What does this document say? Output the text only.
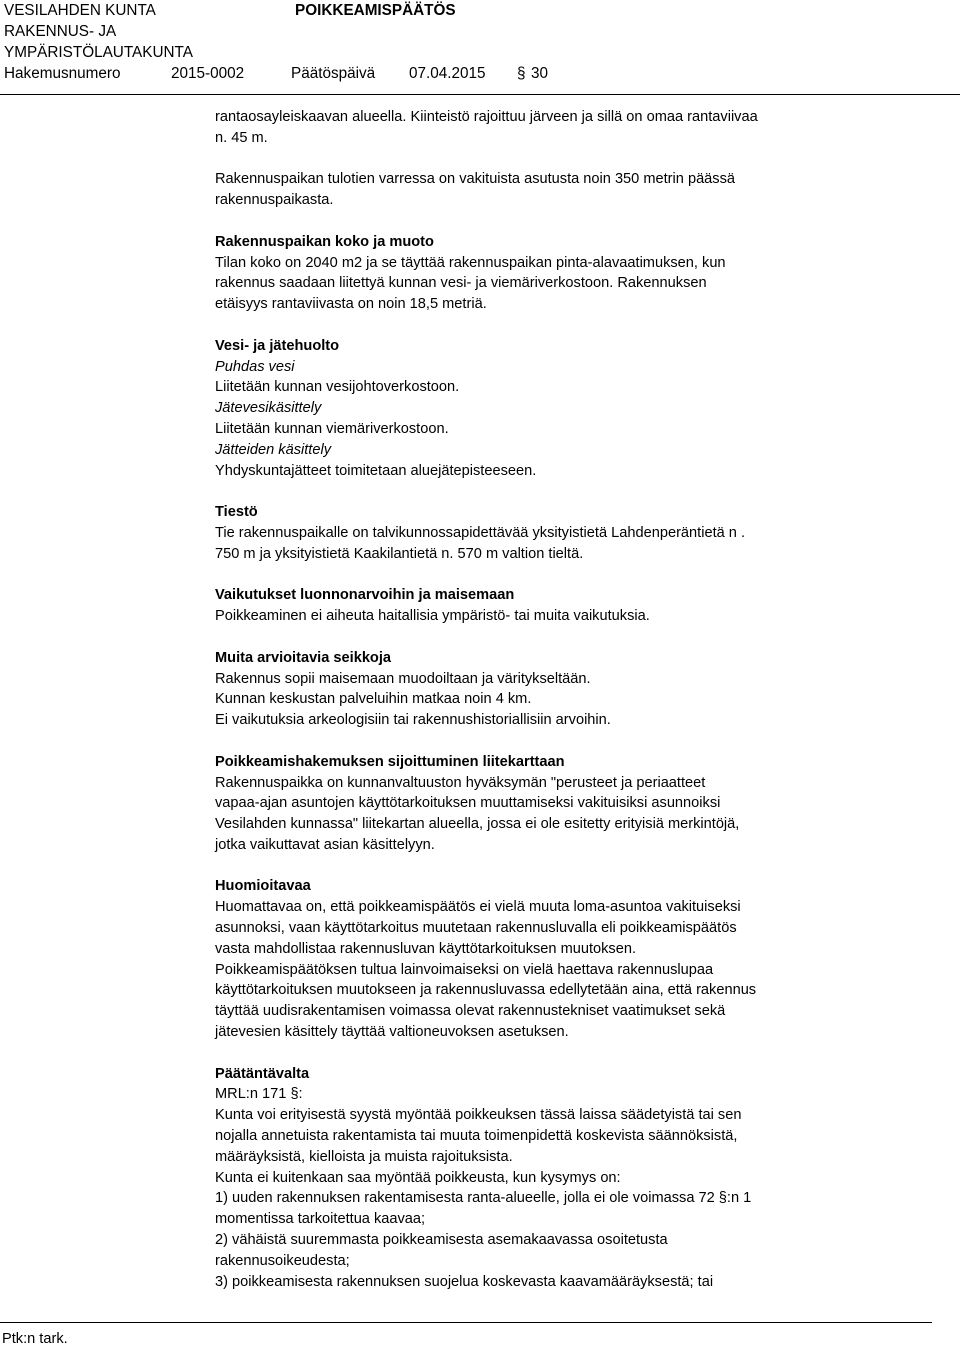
VESILAHDEN KUNTA
RAKENNUS- JA
YMPÄRISTÖLAUTAKUNTA
POIKKEAMISPÄÄTÖS
Hakemusnumero	2015-0002	Päätöspäivä 07.04.2015 § 30
rantaosayleiskaavan alueella. Kiinteistö rajoittuu järveen ja sillä on omaa rantaviivaa
n. 45 m.
Rakennuspaikan tulotien varressa on vakituista asutusta noin 350 metrin päässä
rakennuspaikasta.
Rakennuspaikan koko ja muoto
Tilan koko on 2040 m2 ja se täyttää rakennuspaikan pinta-alavaatimuksen, kun
rakennus saadaan liitettyä kunnan vesi- ja viemäriverkostoon. Rakennuksen
etäisyys rantaviivasta on noin 18,5 metriä.
Vesi- ja jätehuolto
Puhdas vesi
Liitetään kunnan vesijohtoverkostoon.
Jätevesikäsittely
Liitetään kunnan viemäriverkostoon.
Jätteiden käsittely
Yhdyskuntajätteet toimitetaan aluejätepisteeseen.
Tiestö
Tie rakennuspaikalle on talvikunnossapidettävää yksityistietä Lahdenperäntietä n .
750 m ja yksityistietä Kaakilantietä n. 570 m valtion tieltä.
Vaikutukset luonnonarvoihin ja maisemaan
Poikkeaminen ei aiheuta haitallisia ympäristö- tai muita vaikutuksia.
Muita arvioitavia seikkoja
Rakennus sopii maisemaan muodoiltaan ja väritykseltään.
Kunnan keskustan palveluihin matkaa noin 4 km.
Ei vaikutuksia arkeologisiin tai rakennushistoriallisiin arvoihin.
Poikkeamishakemuksen sijoittuminen liitekarttaan
Rakennuspaikka on kunnanvaltuuston hyväksymän "perusteet ja periaatteet
vapaa-ajan asuntojen käyttötarkoituksen muuttamiseksi vakituisiksi asunnoiksi
Vesilahden kunnassa" liitekartan alueella, jossa ei ole esitetty erityisiä merkintöjä,
jotka vaikuttavat asian käsittelyyn.
Huomioitavaa
Huomattavaa on, että poikkeamispäätös ei vielä muuta loma-asuntoa vakituiseksi
asunnoksi, vaan käyttötarkoitus muutetaan rakennusluvalla eli poikkeamispäätös
vasta mahdollistaa rakennusluvan käyttötarkoituksen muutoksen.
Poikkeamispäätöksen tultua lainvoimaiseksi on vielä haettava rakennuslupaa
käyttötarkoituksen muutokseen ja rakennusluvassa edellytetään aina, että rakennus
täyttää uudisrakentamisen voimassa olevat rakennustekniset vaatimukset sekä
jätevesien käsittely täyttää valtioneuvoksen asetuksen.
Päätäntävalta
MRL:n 171 §:
Kunta voi erityisestä syystä myöntää poikkeuksen tässä laissa säädetyistä tai sen
nojalla annetuista rakentamista tai muuta toimenpidettä koskevista säännöksistä,
määräyksistä, kielloista ja muista rajoituksista.
Kunta ei kuitenkaan saa myöntää poikkeusta, kun kysymys on:
1) uuden rakennuksen rakentamisesta ranta-alueelle, jolla ei ole voimassa 72 §:n 1
momentissa tarkoitettua kaavaa;
2) vähäistä suuremmasta poikkeamisesta asemakaavassa osoitetusta
rakennusoikeudesta;
3) poikkeamisesta rakennuksen suojelua koskevasta kaavamääräyksestä; tai
Ptk:n tark.
